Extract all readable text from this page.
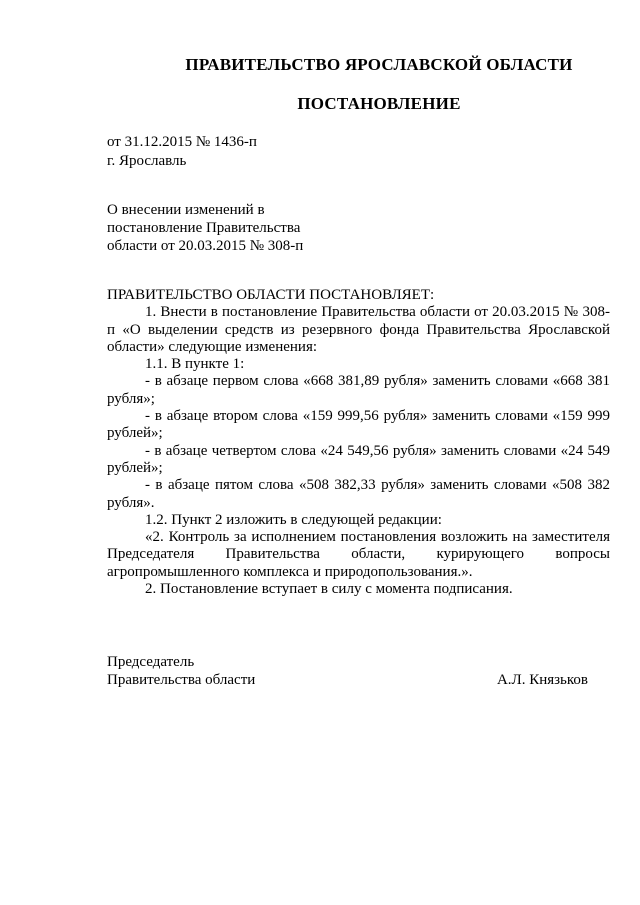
ПРАВИТЕЛЬСТВО ЯРОСЛАВСКОЙ ОБЛАСТИ
ПОСТАНОВЛЕНИЕ
от 31.12.2015 № 1436-п
г. Ярославль
О внесении изменений в
постановление Правительства
области от 20.03.2015 № 308-п

ПРАВИТЕЛЬСТВО ОБЛАСТИ ПОСТАНОВЛЯЕТ:

1. Внести в постановление Правительства области от 20.03.2015 № 308-п «О выделении средств из резервного фонда Правительства Ярославской области» следующие изменения:

1.1. В пункте 1:

- в абзаце первом слова «668 381,89 рубля» заменить словами «668 381 рубля»;

- в абзаце втором слова «159 999,56 рубля» заменить словами «159 999 рублей»;

- в абзаце четвертом слова «24 549,56 рубля» заменить словами «24 549 рублей»;

- в абзаце пятом слова «508 382,33 рубля» заменить словами «508 382 рубля».

1.2. Пункт 2 изложить в следующей редакции:

«2. Контроль за исполнением постановления возложить на заместителя Председателя Правительства области, курирующего вопросы агропромышленного комплекса и природопользования.».

2. Постановление вступает в силу с момента подписания.

Председатель
Правительства области	А.Л. Князьков
